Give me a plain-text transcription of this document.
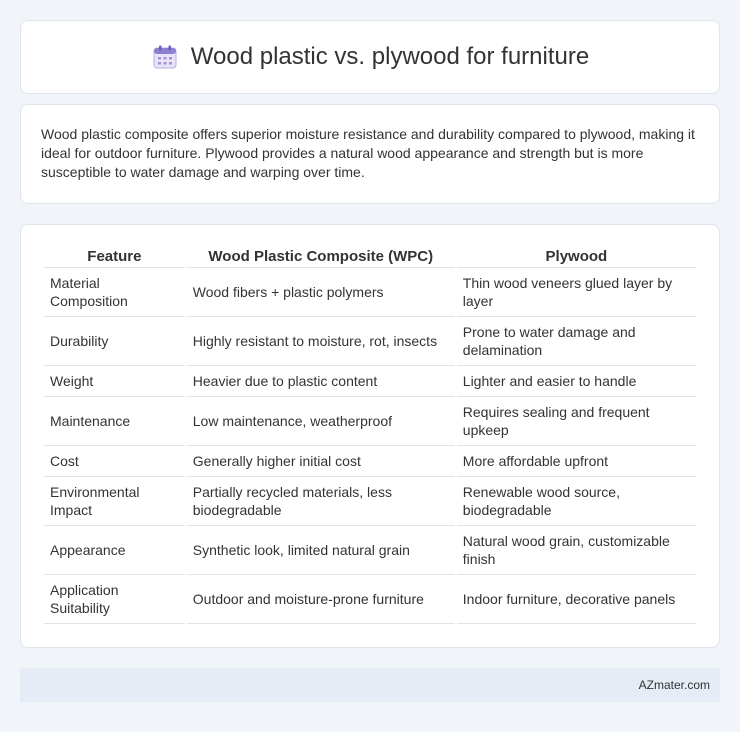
Wood plastic vs. plywood for furniture

Wood plastic composite offers superior moisture resistance and durability compared to plywood, making it ideal for outdoor furniture. Plywood provides a natural wood appearance and strength but is more susceptible to water damage and warping over time.

Feature	Wood Plastic Composite (WPC)	Plywood
Material Composition	Wood fibers + plastic polymers	Thin wood veneers glued layer by layer
Durability	Highly resistant to moisture, rot, insects	Prone to water damage and delamination
Weight	Heavier due to plastic content	Lighter and easier to handle
Maintenance	Low maintenance, weatherproof	Requires sealing and frequent upkeep
Cost	Generally higher initial cost	More affordable upfront
Environmental Impact	Partially recycled materials, less biodegradable	Renewable wood source, biodegradable
Appearance	Synthetic look, limited natural grain	Natural wood grain, customizable finish
Application Suitability	Outdoor and moisture-prone furniture	Indoor furniture, decorative panels
AZmater.com
